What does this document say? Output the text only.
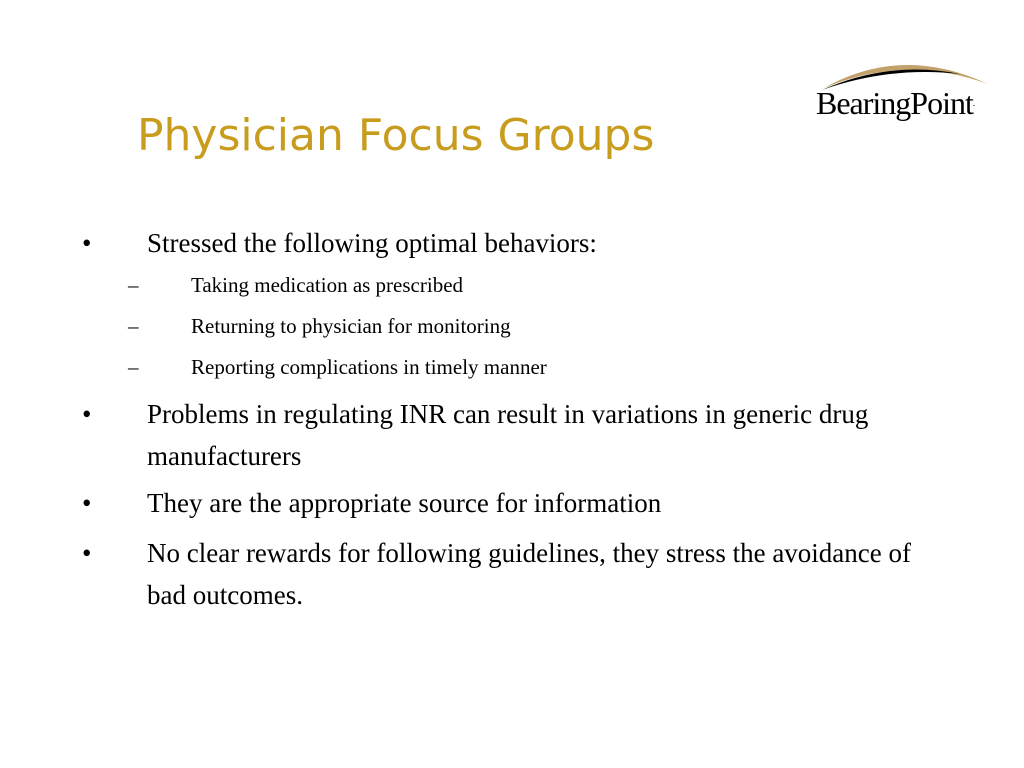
BearingPoint.
Physician Focus Groups
• Stressed the following optimal behaviors:
–	Taking medication as prescribed
–	Returning to physician for monitoring
–	Reporting complications in timely manner
• Problems in regulating INR can result in variations in generic drug manufacturers
• They are the appropriate source for information
• No clear rewards for following guidelines, they stress the avoidance of bad outcomes.
